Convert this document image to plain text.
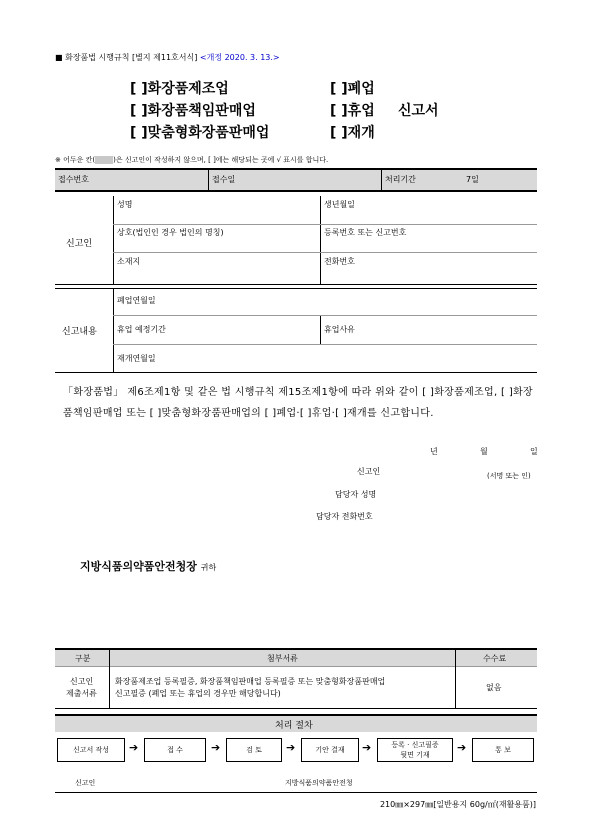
■ 화장품법 시행규칙 [별지 제11호서식] <개정 2020. 3. 13.>
[ ]화장품제조업
[ ]화장품책임판매업
[ ]맞춤형화장품판매업
[ ]폐업
[ ]휴업
[ ]재개
신고서
※ 어두운 칸(	)은 신고인이 작성하지 않으며, [ ]에는 해당되는 곳에 √ 표시를 합니다.
접수번호	접수일	처리기간	7일
신고인
성명	생년월일
상호(법인인 경우 법인의 명칭)	등록번호 또는 신고번호
소재지	전화번호
신고내용
폐업연월일
휴업 예정기간	휴업사유
재개연월일
「화장품법」 제6조제1항 및 같은 법 시행규칙 제15조제1항에 따라 위와 같이 [ ]화장품제조업, [ ]화장품책임판매업 또는 [ ]맞춤형화장품판매업의 [ ]폐업·[ ]휴업·[ ]재개를 신고합니다.
년	월	일
신고인	(서명 또는 인)
담당자 성명
담당자 전화번호
지방식품의약품안전청장 귀하
구분	첨부서류	수수료
신고인
제출서류
화장품제조업 등록필증, 화장품책임판매업 등록필증 또는 맞춤형화장품판매업
신고필증 (폐업 또는 휴업의 경우만 해당합니다)
없음
처리 절차
신고서 작성	➔	접 수	➔	검 토	➔	기안 결재	➔	등록 · 신고필증
뒷면 기재
➔	통 보
신고인	지방식품의약품안전청
210㎜×297㎜[일반용지 60g/㎡(재활용품)]
